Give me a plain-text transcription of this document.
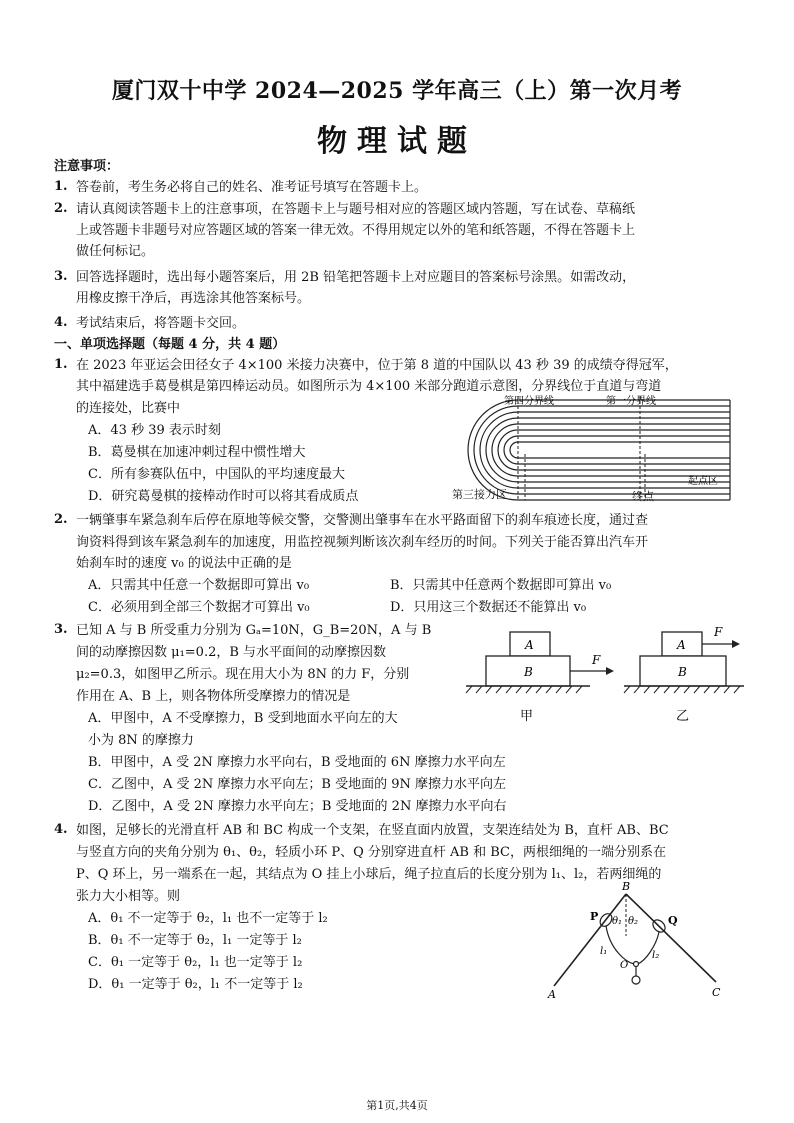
厦门双十中学 2024—2025 学年高三（上）第一次月考
物理试题
注意事项：
1. 答卷前，考生务必将自己的姓名、准考证号填写在答题卡上。
2. 请认真阅读答题卡上的注意事项，在答题卡上与题号相对应的答题区域内答题，写在试卷、草稿纸
上或答题卡非题号对应答题区域的答案一律无效。不得用规定以外的笔和纸答题，不得在答题卡上
做任何标记。
3. 回答选择题时，选出每小题答案后，用 2B 铅笔把答题卡上对应题目的答案标号涂黑。如需改动，
用橡皮擦干净后，再选涂其他答案标号。
4. 考试结束后，将答题卡交回。
一、单项选择题（每题 4 分，共 4 题）
1. 在 2023 年亚运会田径女子 4×100 米接力决赛中，位于第 8 道的中国队以 43 秒 39 的成绩夺得冠军，
其中福建选手葛曼棋是第四棒运动员。如图所示为 4×100 米部分跑道示意图，分界线位于直道与弯道
的连接处，比赛中
A．43 秒 39 表示时刻
B．葛曼棋在加速冲刺过程中惯性增大
C．所有参赛队伍中，中国队的平均速度最大
D．研究葛曼棋的接棒动作时可以将其看成质点
第四分界线	第一分界线
起点区
第三接力区	终点
2. 一辆肇事车紧急刹车后停在原地等候交警，交警测出肇事车在水平路面留下的刹车痕迹长度，通过查
询资料得到该车紧急刹车的加速度，用监控视频判断该次刹车经历的时间。下列关于能否算出汽车开
始刹车时的速度 v₀ 的说法中正确的是
A．只需其中任意一个数据即可算出 v₀	B．只需其中任意两个数据即可算出 v₀
C．必须用到全部三个数据才可算出 v₀	D．只用这三个数据还不能算出 v₀
3. 已知 A 与 B 所受重力分别为 Gₐ=10N，G_B=20N，A 与 B
间的动摩擦因数 μ₁=0.2，B 与水平面间的动摩擦因数
μ₂=0.3，如图甲乙所示。现在用大小为 8N 的力 F，分别
作用在 A、B 上，则各物体所受摩擦力的情况是
A．甲图中，A 不受摩擦力，B 受到地面水平向左的大
小为 8N 的摩擦力
B．甲图中，A 受 2N 摩擦力水平向右，B 受地面的 6N 摩擦力水平向左
C．乙图中，A 受 2N 摩擦力水平向左；B 受地面的 9N 摩擦力水平向左
D．乙图中，A 受 2N 摩擦力水平向左；B 受地面的 2N 摩擦力水平向右
A
B
F
甲
A
B
F
乙
4. 如图，足够长的光滑直杆 AB 和 BC 构成一个支架，在竖直面内放置，支架连结处为 B，直杆 AB、BC
与竖直方向的夹角分别为 θ₁、θ₂，轻质小环 P、Q 分别穿进直杆 AB 和 BC，两根细绳的一端分别系在
P、Q 环上，另一端系在一起，其结点为 O 挂上小球后，绳子拉直后的长度分别为 l₁、l₂，若两细绳的
张力大小相等。则
A．θ₁ 不一定等于 θ₂，l₁ 也不一定等于 l₂
B．θ₁ 不一定等于 θ₂，l₁ 一定等于 l₂
C．θ₁ 一定等于 θ₂，l₁ 也一定等于 l₂
D．θ₁ 一定等于 θ₂，l₁ 不一定等于 l₂
B
P	Q
θ₁ θ₂
l₁	l₂
O
A	C
第1页,共4页
